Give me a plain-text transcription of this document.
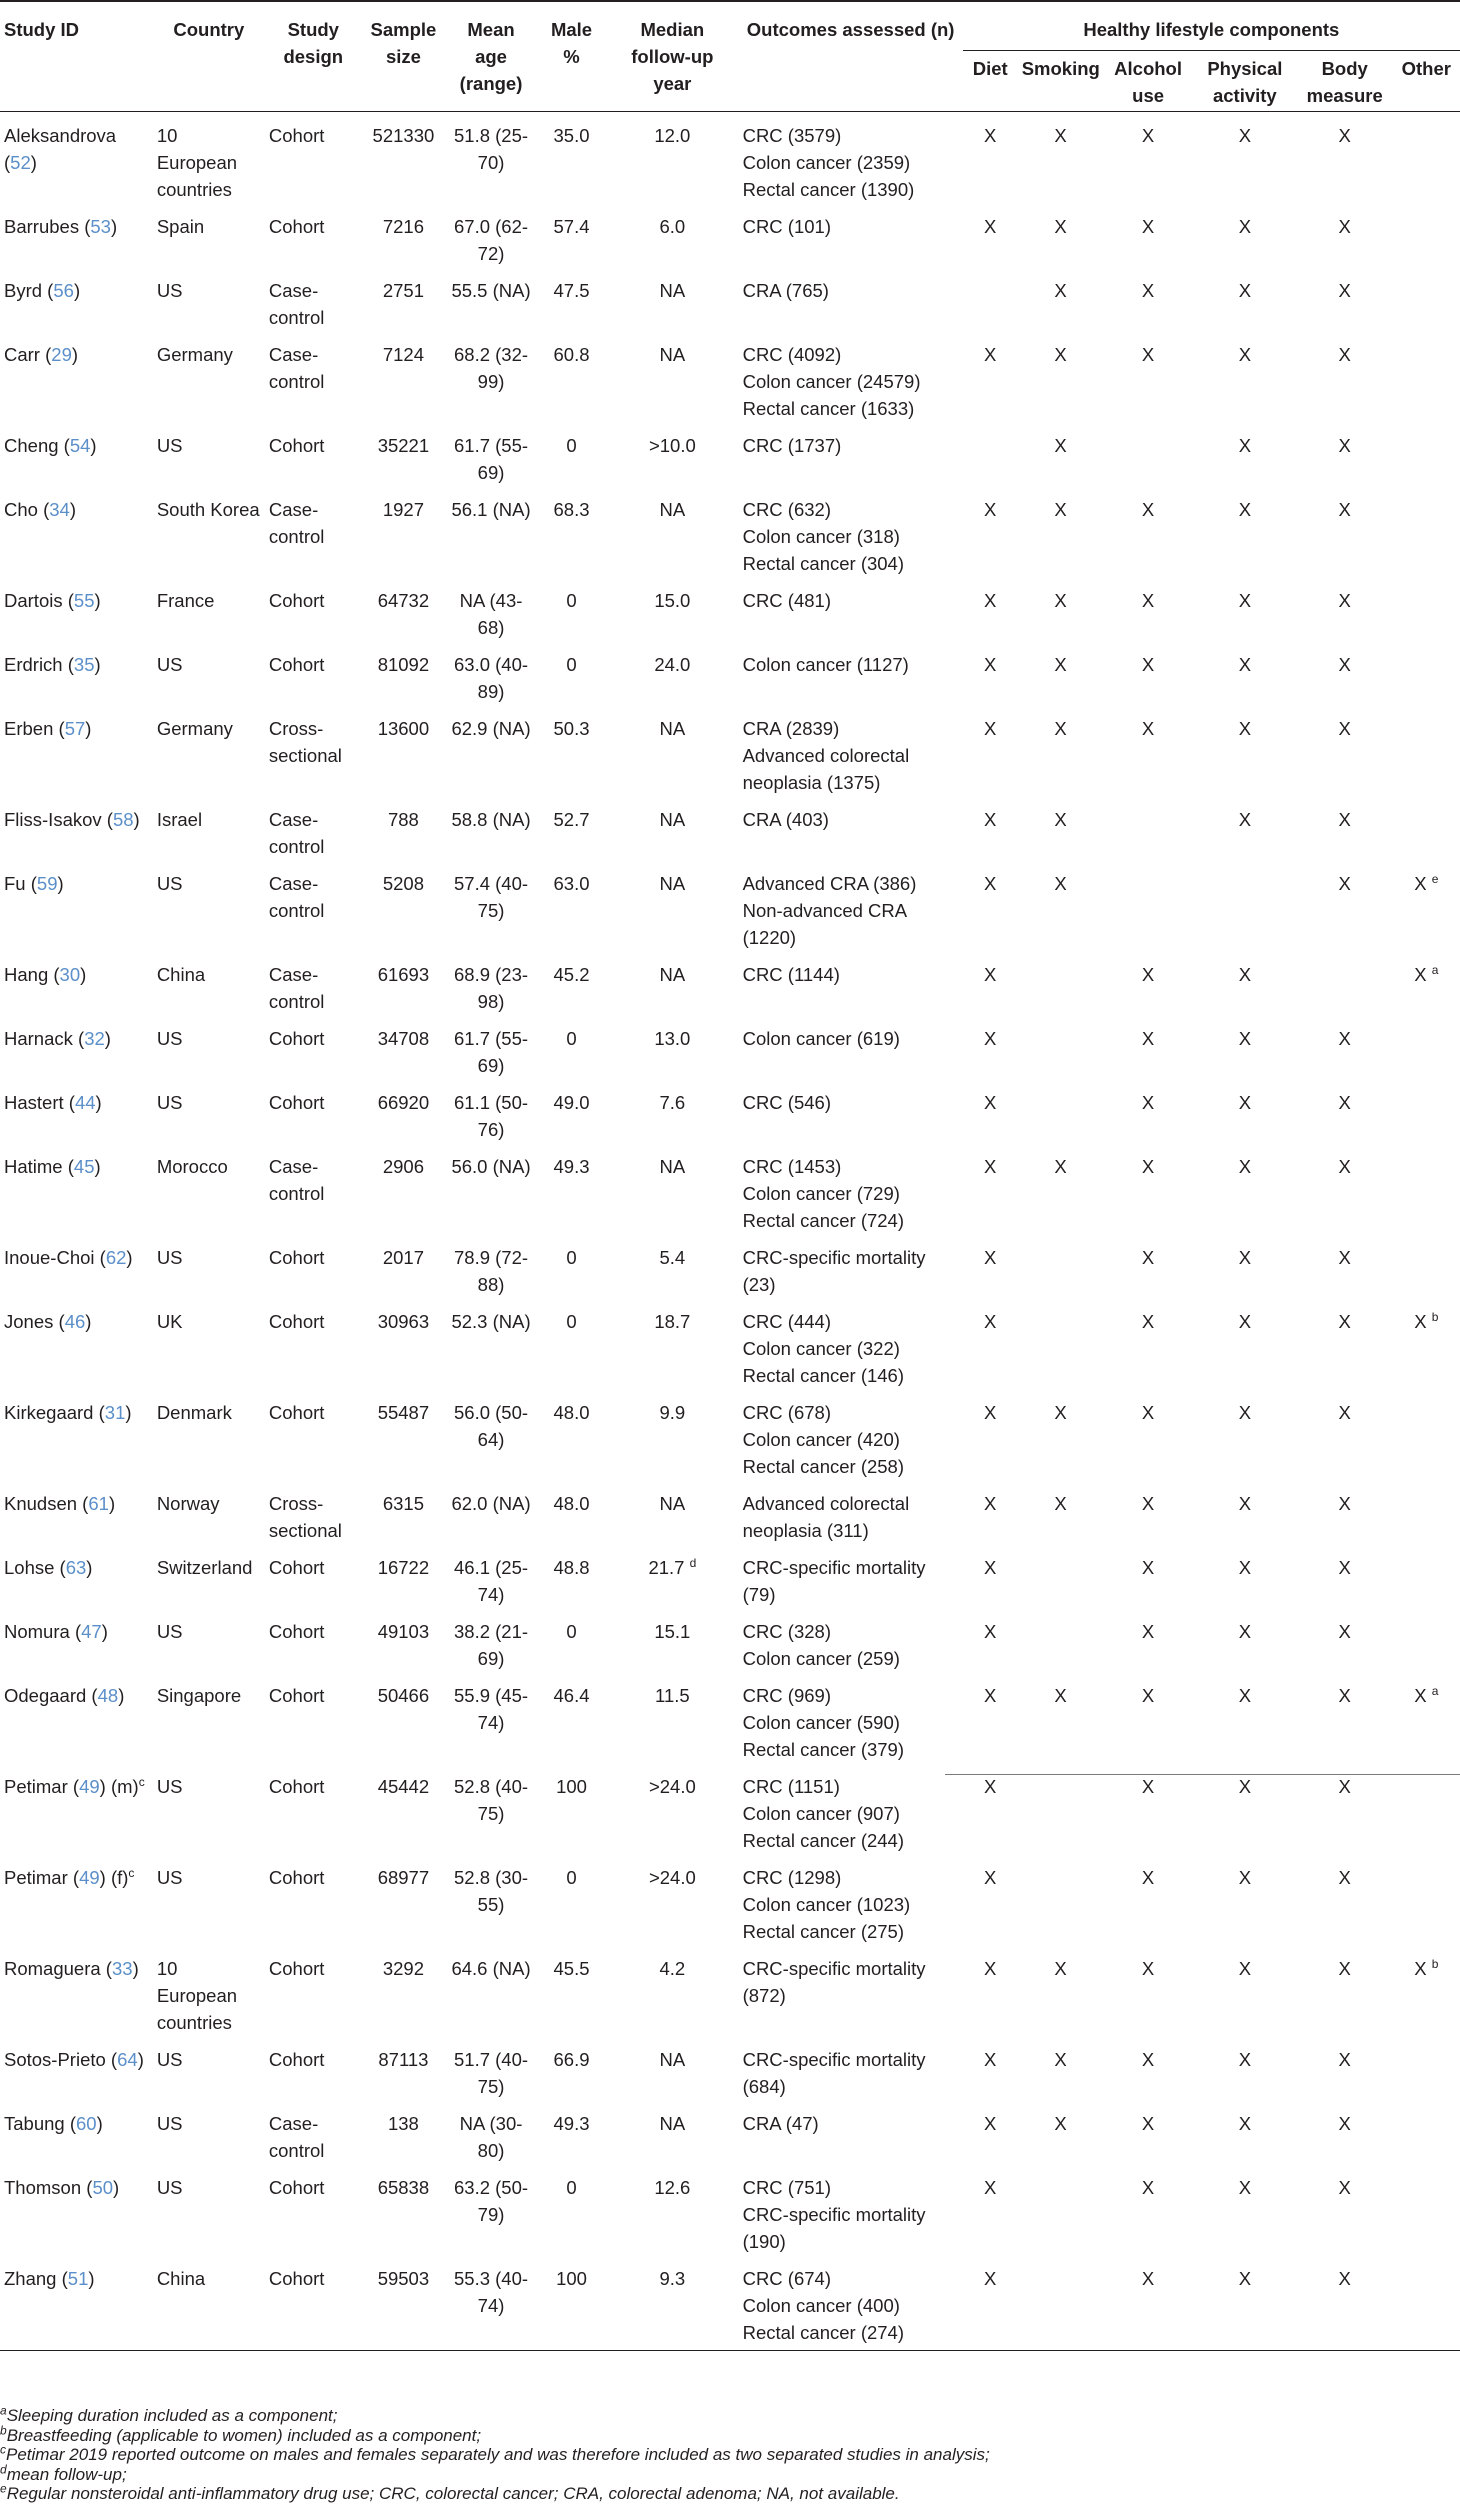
Study ID	Country	Study design	Sample size	Mean age (range)	Male %	Median follow-up year	Outcomes assessed (n)	Healthy lifestyle components					
								Diet	Smoking	Alcohol use	Physical activity	Body measure	Other
Aleksandrova (52)	10 European countries	Cohort	521330	51.8 (25-70)	35.0	12.0	CRC (3579)
Colon cancer (2359)
Rectal cancer (1390)	X	X	X	X	X	
Barrubes (53)	Spain	Cohort	7216	67.0 (62-72)	57.4	6.0	CRC (101)	X	X	X	X	X	
Byrd (56)	US	Case-control	2751	55.5 (NA)	47.5	NA	CRA (765)		X	X	X	X	
Carr (29)	Germany	Case-control	7124	68.2 (32-99)	60.8	NA	CRC (4092)
Colon cancer (24579)
Rectal cancer (1633)	X	X	X	X	X	
Cheng (54)	US	Cohort	35221	61.7 (55-69)	0	>10.0	CRC (1737)		X		X	X	
Cho (34)	South Korea	Case-control	1927	56.1 (NA)	68.3	NA	CRC (632)
Colon cancer (318)
Rectal cancer (304)	X	X	X	X	X	
Dartois (55)	France	Cohort	64732	NA (43-68)	0	15.0	CRC (481)	X	X	X	X	X	
Erdrich (35)	US	Cohort	81092	63.0 (40-89)	0	24.0	Colon cancer (1127)	X	X	X	X	X	
Erben (57)	Germany	Cross-sectional	13600	62.9 (NA)	50.3	NA	CRA (2839)
Advanced colorectal neoplasia (1375)	X	X	X	X	X	
Fliss-Isakov (58)	Israel	Case-control	788	58.8 (NA)	52.7	NA	CRA (403)	X	X		X	X	
Fu (59)	US	Case-control	5208	57.4 (40-75)	63.0	NA	Advanced CRA (386)
Non-advanced CRA (1220)	X	X			X	X $^e$
Hang (30)	China	Case-control	61693	68.9 (23-98)	45.2	NA	CRC (1144)	X		X	X		X $^a$
Harnack (32)	US	Cohort	34708	61.7 (55-69)	0	13.0	Colon cancer (619)	X		X	X	X	
Hastert (44)	US	Cohort	66920	61.1 (50-76)	49.0	7.6	CRC (546)	X		X	X	X	
Hatime (45)	Morocco	Case-control	2906	56.0 (NA)	49.3	NA	CRC (1453)
Colon cancer (729)
Rectal cancer (724)	X	X	X	X	X	
Inoue-Choi (62)	US	Cohort	2017	78.9 (72-88)	0	5.4	CRC-specific mortality (23)	X		X	X	X	
Jones (46)	UK	Cohort	30963	52.3 (NA)	0	18.7	CRC (444)
Colon cancer (322)
Rectal cancer (146)	X		X	X	X	X $^b$
Kirkegaard (31)	Denmark	Cohort	55487	56.0 (50-64)	48.0	9.9	CRC (678)
Colon cancer (420)
Rectal cancer (258)	X	X	X	X	X	
Knudsen (61)	Norway	Cross-sectional	6315	62.0 (NA)	48.0	NA	Advanced colorectal neoplasia (311)	X	X	X	X	X	
Lohse (63)	Switzerland	Cohort	16722	46.1 (25-74)	48.8	21.7 $^d$	CRC-specific mortality (79)	X		X	X	X	
Nomura (47)	US	Cohort	49103	38.2 (21-69)	0	15.1	CRC (328)
Colon cancer (259)	X		X	X	X	
Odegaard (48)	Singapore	Cohort	50466	55.9 (45-74)	46.4	11.5	CRC (969)
Colon cancer (590)
Rectal cancer (379)	X	X	X	X	X	X $^a$
Petimar (49) $(m)^c$	US	Cohort	45442	52.8 (40-75)	100	>24.0	CRC (1151)
Colon cancer (907)
Rectal cancer (244)	X		X	X	X	
Petimar (49) $(f)^c$	US	Cohort	68977	52.8 (30-55)	0	>24.0	CRC (1298)
Colon cancer (1023)
Rectal cancer (275)	X		X	X	X	
Romaguera (33)	10 European countries	Cohort	3292	64.6 (NA)	45.5	4.2	CRC-specific mortality (872)	X	X	X	X	X	X $^b$
Sotos-Prieto (64)	US	Cohort	87113	51.7 (40-75)	66.9	NA	CRC-specific mortality (684)	X	X	X	X	X	
Tabung (60)	US	Case-control	138	NA (30-80)	49.3	NA	CRA (47)	X	X	X	X	X	
Thomson (50)	US	Cohort	65838	63.2 (50-79)	0	12.6	CRC (751)
CRC-specific mortality (190)	X		X	X	X	
Zhang (51)	China	Cohort	59503	55.3 (40-74)	100	9.3	CRC (674)
Colon cancer (400)
Rectal cancer (274)	X		X	X	X	
$^a$Sleeping duration included as a component;
$^b$Breastfeeding (applicable to women) included as a component;
$^c$Petimar 2019 reported outcome on males and females separately and was therefore included as two separated studies in analysis;
$^d$mean follow-up;
$^e$Regular nonsteroidal anti-inflammatory drug use; CRC, colorectal cancer; CRA, colorectal adenoma; NA, not available.
